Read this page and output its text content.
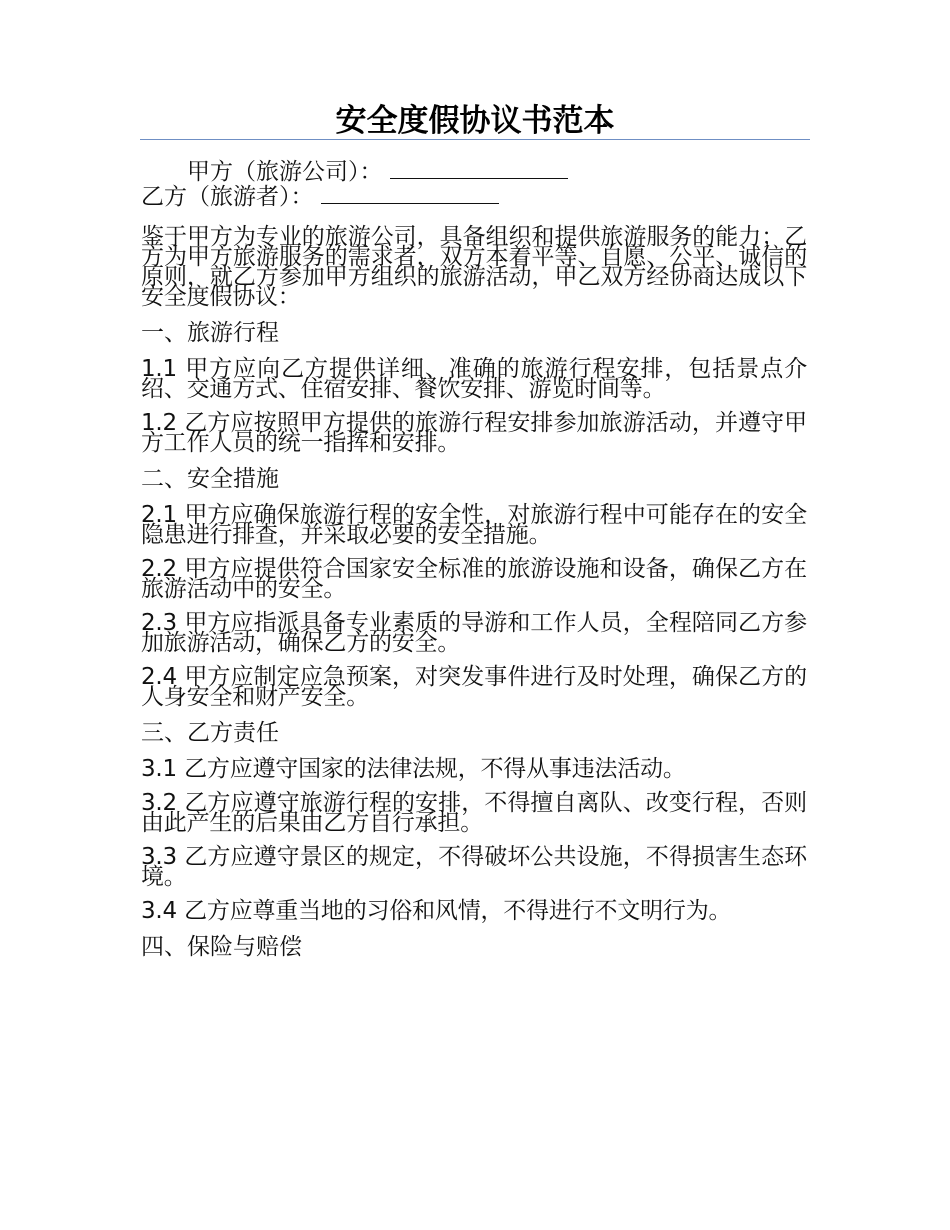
安全度假协议书范本

甲方（旅游公司）：

乙方（旅游者）：

鉴于甲方为专业的旅游公司，具备组织和提供旅游服务的能力；乙方为甲方旅游服务的需求者，双方本着平等、自愿、公平、诚信的原则，就乙方参加甲方组织的旅游活动，甲乙双方经协商达成以下安全度假协议：

一、旅游行程

1.1 甲方应向乙方提供详细、准确的旅游行程安排，包括景点介绍、交通方式、住宿安排、餐饮安排、游览时间等。

1.2 乙方应按照甲方提供的旅游行程安排参加旅游活动，并遵守甲方工作人员的统一指挥和安排。

二、安全措施

2.1 甲方应确保旅游行程的安全性，对旅游行程中可能存在的安全隐患进行排查，并采取必要的安全措施。

2.2 甲方应提供符合国家安全标准的旅游设施和设备，确保乙方在旅游活动中的安全。

2.3 甲方应指派具备专业素质的导游和工作人员，全程陪同乙方参加旅游活动，确保乙方的安全。

2.4 甲方应制定应急预案，对突发事件进行及时处理，确保乙方的人身安全和财产安全。

三、乙方责任

3.1 乙方应遵守国家的法律法规，不得从事违法活动。

3.2 乙方应遵守旅游行程的安排，不得擅自离队、改变行程，否则由此产生的后果由乙方自行承担。

3.3 乙方应遵守景区的规定，不得破坏公共设施，不得损害生态环境。

3.4 乙方应尊重当地的习俗和风情，不得进行不文明行为。

四、保险与赔偿
